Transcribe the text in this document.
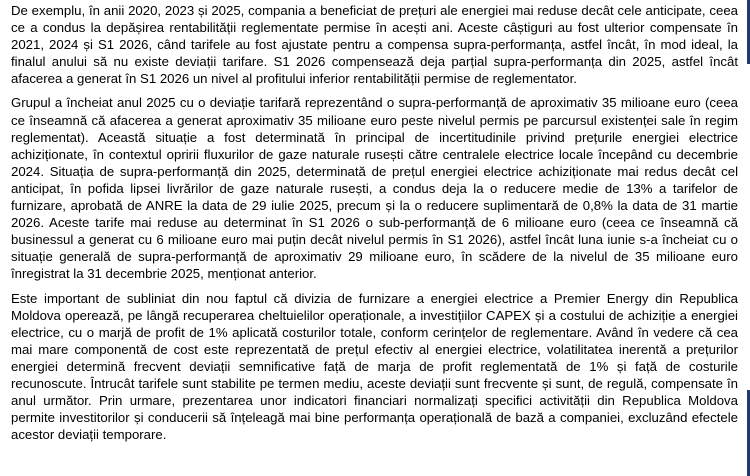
De exemplu, în anii 2020, 2023 și 2025, compania a beneficiat de prețuri ale energiei mai reduse decât cele anticipate, ceea ce a condus la depășirea rentabilității reglementate permise în acești ani. Aceste câștiguri au fost ulterior compensate în 2021, 2024 și S1 2026, când tarifele au fost ajustate pentru a compensa supra-performanța, astfel încât, în mod ideal, la finalul anului să nu existe deviații tarifare. S1 2026 compensează deja parțial supra-performanța din 2025, astfel încât afacerea a generat în S1 2026 un nivel al profitului inferior rentabilității permise de reglementator.

Grupul a încheiat anul 2025 cu o deviație tarifară reprezentând o supra-performanță de aproximativ 35 milioane euro (ceea ce înseamnă că afacerea a generat aproximativ 35 milioane euro peste nivelul permis pe parcursul existenței sale în regim reglementat). Această situație a fost determinată în principal de incertitudinile privind prețurile energiei electrice achiziționate, în contextul opririi fluxurilor de gaze naturale rusești către centralele electrice locale începând cu decembrie 2024. Situația de supra-performanță din 2025, determinată de prețul energiei electrice achiziționate mai redus decât cel anticipat, în pofida lipsei livrărilor de gaze naturale rusești, a condus deja la o reducere medie de 13% a tarifelor de furnizare, aprobată de ANRE la data de 29 iulie 2025, precum și la o reducere suplimentară de 0,8% la data de 31 martie 2026. Aceste tarife mai reduse au determinat în S1 2026 o sub-performanță de 6 milioane euro (ceea ce înseamnă că businessul a generat cu 6 milioane euro mai puțin decât nivelul permis în S1 2026), astfel încât luna iunie s-a încheiat cu o situație generală de supra-performanță de aproximativ 29 milioane euro, în scădere de la nivelul de 35 milioane euro înregistrat la 31 decembrie 2025, menționat anterior.

Este important de subliniat din nou faptul că divizia de furnizare a energiei electrice a Premier Energy din Republica Moldova operează, pe lângă recuperarea cheltuielilor operaționale, a investițiilor CAPEX și a costului de achiziție a energiei electrice, cu o marjă de profit de 1% aplicată costurilor totale, conform cerințelor de reglementare. Având în vedere că cea mai mare componentă de cost este reprezentată de prețul efectiv al energiei electrice, volatilitatea inerentă a prețurilor energiei determină frecvent deviații semnificative față de marja de profit reglementată de 1% și față de costurile recunoscute. Întrucât tarifele sunt stabilite pe termen mediu, aceste deviații sunt frecvente și sunt, de regulă, compensate în anul următor. Prin urmare, prezentarea unor indicatori financiari normalizați specifici activității din Republica Moldova permite investitorilor și conducerii să înțeleagă mai bine performanța operațională de bază a companiei, excluzând efectele acestor deviații temporare.
